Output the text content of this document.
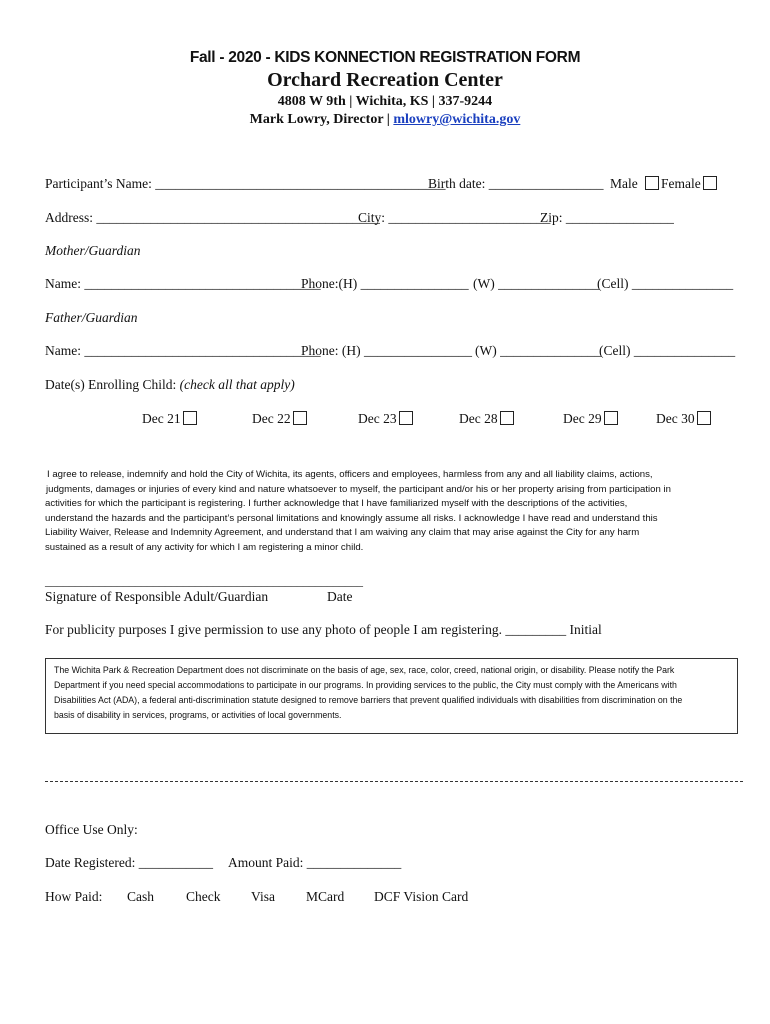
Fall - 2020 - KIDS KONNECTION REGISTRATION FORM
Orchard Recreation Center
4808 W 9th | Wichita, KS | 337-9244
Mark Lowry, Director | mlowry@wichita.gov
Participant’s Name: ___________________________________________
Birth date: _________________ Male	Female
Address: __________________________________________
City: ________________________
Zip: ________________
Mother/Guardian
Name: ___________________________________
Phone:(H) ________________ (W) _______________
(Cell) _______________
Father/Guardian
Name: ___________________________________
Phone: (H) ________________ (W) _______________
(Cell) _______________
Date(s) Enrolling Child: (check all that apply)
Dec 21	Dec 22	Dec 23	Dec 28	Dec 29	Dec 30
I agree to release, indemnify and hold the City of Wichita, its agents, officers and employees, harmless from any and all liability claims, actions,
judgments, damages or injuries of every kind and nature whatsoever to myself, the participant and/or his or her property arising from participation in
activities for which the participant is registering. I further acknowledge that I have familiarized myself with the descriptions of the activities,
understand the hazards and the participant’s personal limitations and knowingly assume all risks. I acknowledge I have read and understand this
Liability Waiver, Release and Indemnity Agreement, and understand that I am waiving any claim that may arise against the City for any harm
sustained as a result of any activity for which I am registering a minor child.
_____________________________________________________
Signature of Responsible Adult/Guardian	Date
For publicity purposes I give permission to use any photo of people I am registering. _________ Initial
The Wichita Park & Recreation Department does not discriminate on the basis of age, sex, race, color, creed, national origin, or disability. Please notify the Park
Department if you need special accommodations to participate in our programs. In providing services to the public, the City must comply with the Americans with
Disabilities Act (ADA), a federal anti-discrimination statute designed to remove barriers that prevent qualified individuals with disabilities from discrimination on the
basis of disability in services, programs, or activities of local governments.
Office Use Only:
Date Registered: ___________ Amount Paid: ______________
How Paid: Cash Check Visa MCard DCF Vision Card
